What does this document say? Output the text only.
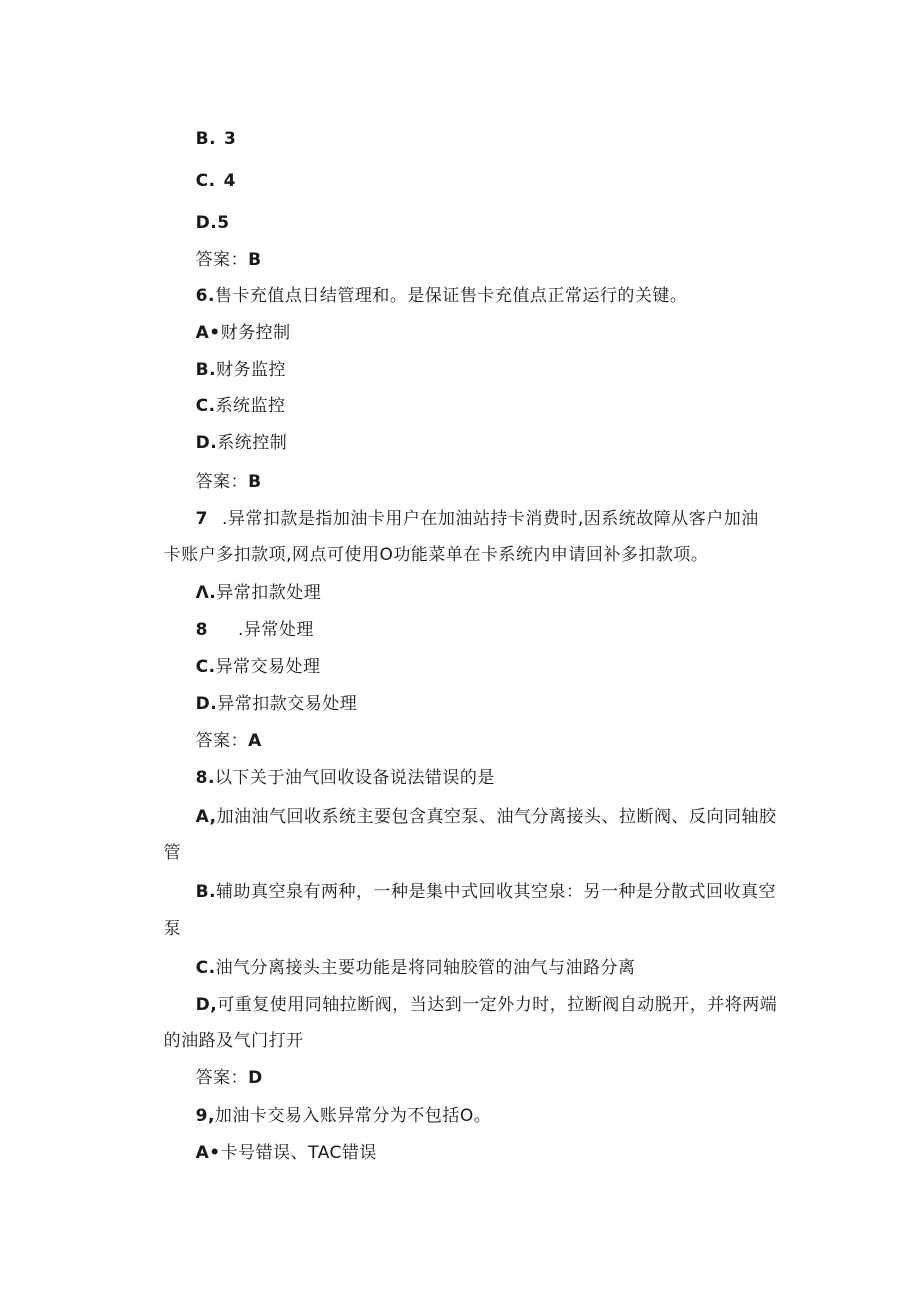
B. 3

C. 4

D.5

答案：B

6.售卡充值点日结管理和。是保证售卡充值点正常运行的关键。

A•财务控制

B.财务监控

C.系统监控

D.系统控制

答案：B

7 .异常扣款是指加油卡用户在加油站持卡消费时,因系统故障从客户加油

卡账户多扣款项,网点可使用O功能菜单在卡系统内申请回补多扣款项。

Λ.异常扣款处理

8 .异常处理

C.异常交易处理

D.异常扣款交易处理

答案：A

8.以下关于油气回收设备说法错误的是

A,加油油气回收系统主要包含真空泵、油气分离接头、拉断阀、反向同轴胶

管

B.辅助真空泉有两种，一种是集中式回收其空泉：另一种是分散式回收真空

泵

C.油气分离接头主要功能是将同轴胶管的油气与油路分离

D,可重复使用同轴拉断阀，当达到一定外力时，拉断阀自动脱开，并将两端

的油路及气门打开

答案：D

9,加油卡交易入账异常分为不包括O。

A•卡号错误、TAC错误
